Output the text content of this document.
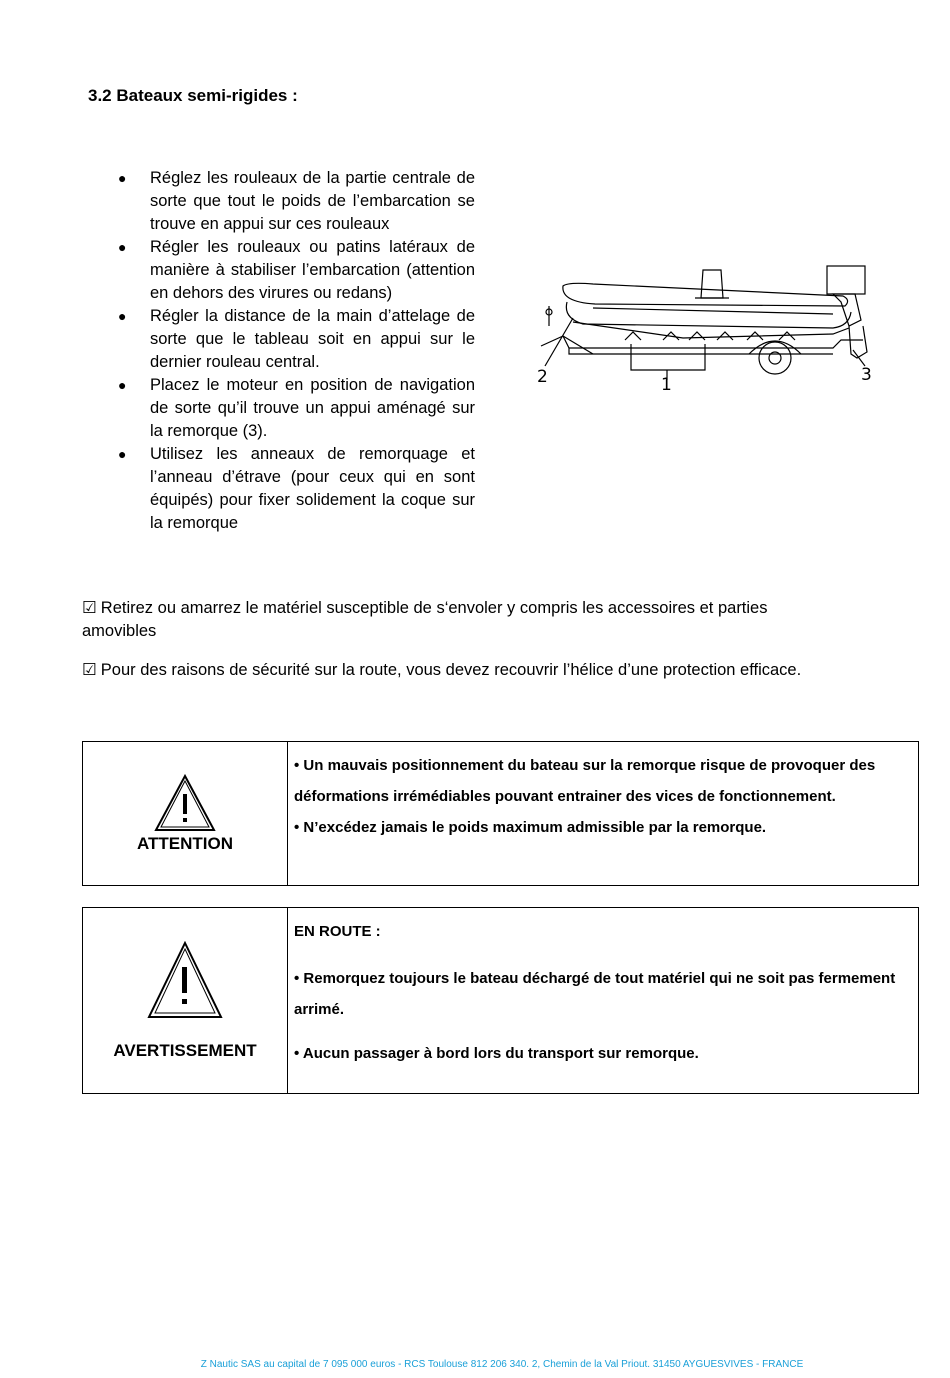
3.2 Bateaux semi-rigides :
● Réglez les rouleaux de la partie centrale de sorte que tout le poids de l’embarcation se trouve en appui sur ces rouleaux
● Régler les rouleaux ou patins latéraux de manière à stabiliser l’embarcation (attention en dehors des virures ou redans)
● Régler la distance de la main d’attelage de sorte que le tableau soit en appui sur le dernier rouleau central.
● Placez le moteur en position de navigation de sorte qu’il trouve un appui aménagé sur la remorque (3).
● Utilisez les anneaux de remorquage et l’anneau d’étrave (pour ceux qui en sont équipés) pour fixer solidement la coque sur la remorque
1
2	3
☑ Retirez ou amarrez le matériel susceptible de s‘envoler y compris les accessoires et parties amovibles
☑ Pour des raisons de sécurité sur la route, vous devez recouvrir l’hélice d’une protection efficace.
ATTENTION	
• Un mauvais positionnement du bateau sur la remorque risque de provoquer des déformations irrémédiables pouvant entrainer des vices de fonctionnement.
• N’excédez jamais le poids maximum admissible par la remorque.
AVERTISSEMENT	

EN ROUTE :

• Remorquez toujours le bateau déchargé de tout matériel qui ne soit pas fermement arrimé.

• Aucun passager à bord lors du transport sur remorque.

Z Nautic SAS au capital de 7 095 000 euros - RCS Toulouse 812 206 340. 2, Chemin de la Val Priout. 31450 AYGUESVIVES - FRANCE
